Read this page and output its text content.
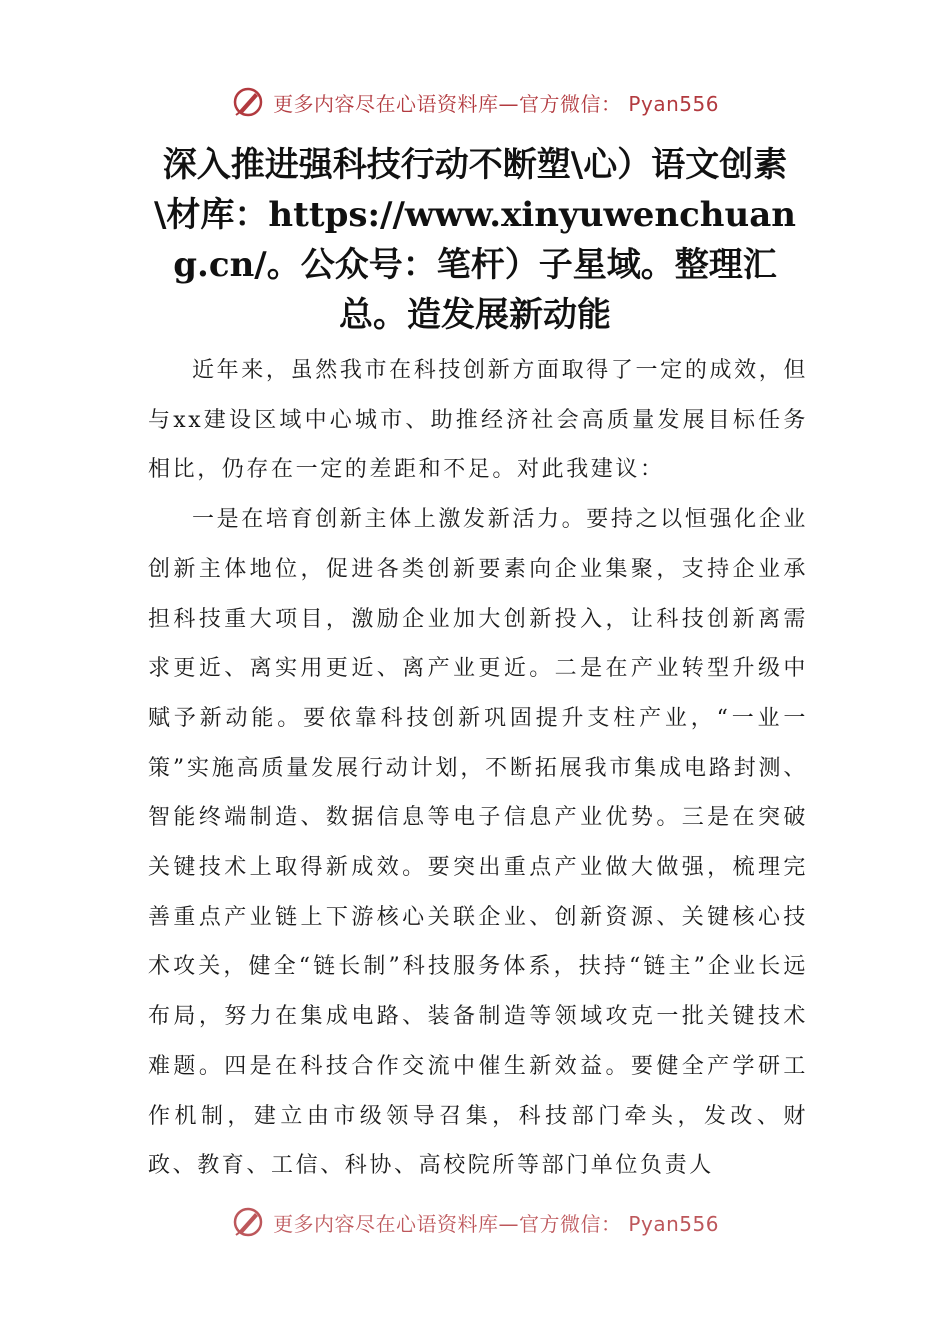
更多内容尽在心语资料库—官方微信： Pyan556
深入推进强科技行动不断塑\心）语文创素\材库：https://www.xinyuwenchuang.cn/。公众号：笔杆）子星域。整理汇总。造发展新动能

近年来，虽然我市在科技创新方面取得了一定的成效，但与xx建设区域中心城市、助推经济社会高质量发展目标任务相比，仍存在一定的差距和不足。对此我建议：

一是在培育创新主体上激发新活力。要持之以恒强化企业创新主体地位，促进各类创新要素向企业集聚，支持企业承担科技重大项目，激励企业加大创新投入，让科技创新离需求更近、离实用更近、离产业更近。二是在产业转型升级中赋予新动能。要依靠科技创新巩固提升支柱产业，“一业一策”实施高质量发展行动计划，不断拓展我市集成电路封测、智能终端制造、数据信息等电子信息产业优势。三是在突破关键技术上取得新成效。要突出重点产业做大做强，梳理完善重点产业链上下游核心关联企业、创新资源、关键核心技术攻关，健全“链长制”科技服务体系，扶持“链主”企业长远布局，努力在集成电路、装备制造等领域攻克一批关键技术难题。四是在科技合作交流中催生新效益。要健全产学研工作机制，建立由市级领导召集，科技部门牵头，发改、财政、教育、工信、科协、高校院所等部门单位负责人

更多内容尽在心语资料库—官方微信： Pyan556
